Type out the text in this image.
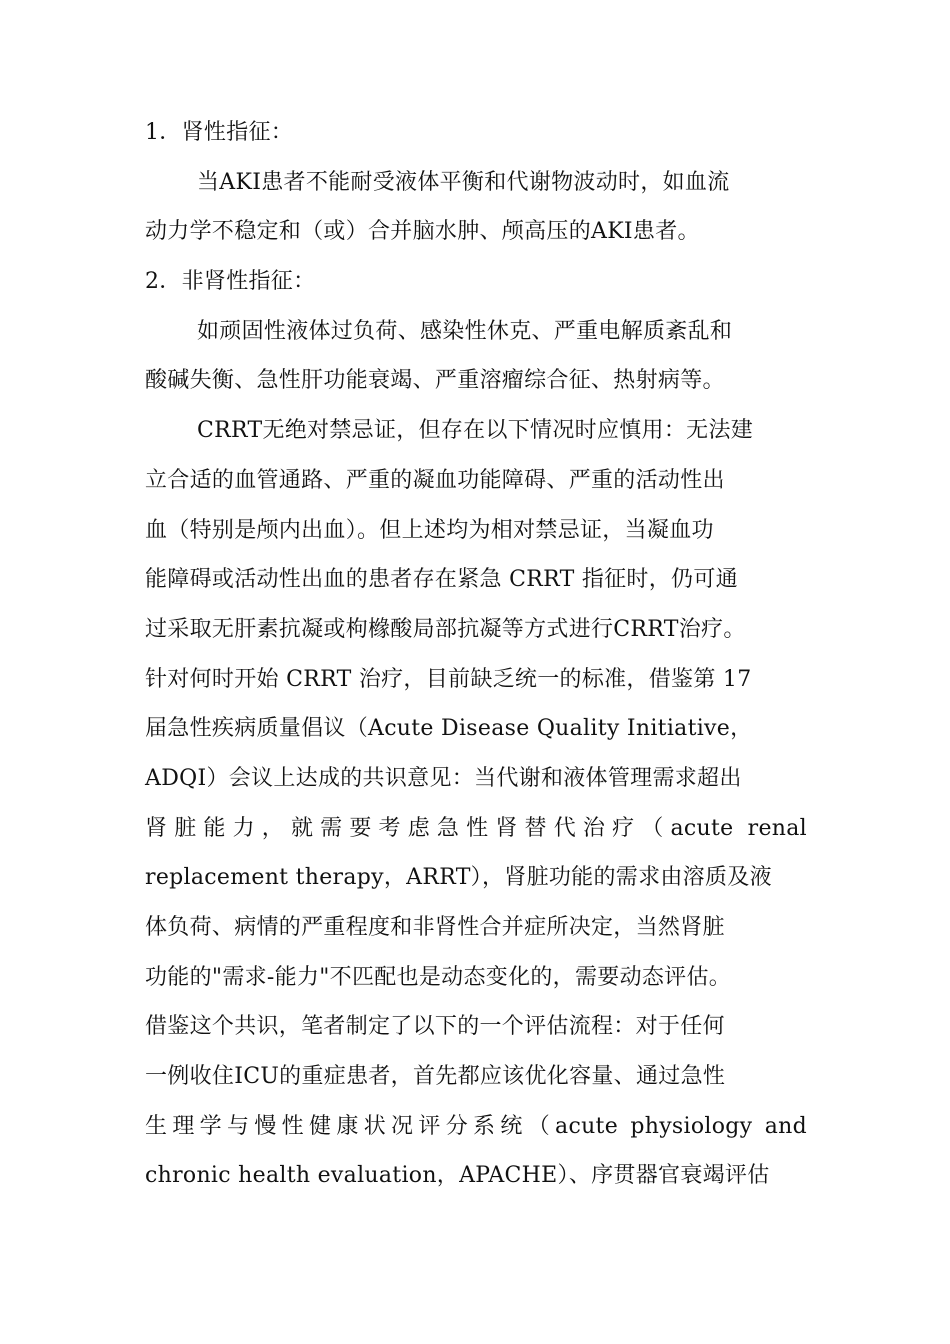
1．肾性指征：
当AKI患者不能耐受液体平衡和代谢物波动时，如血流
动力学不稳定和（或）合并脑水肿、颅高压的AKI患者。
2．非肾性指征：
如顽固性液体过负荷、感染性休克、严重电解质紊乱和
酸碱失衡、急性肝功能衰竭、严重溶瘤综合征、热射病等。
CRRT无绝对禁忌证，但存在以下情况时应慎用：无法建
立合适的血管通路、严重的凝血功能障碍、严重的活动性出
血（特别是颅内出血）。但上述均为相对禁忌证，当凝血功
能障碍或活动性出血的患者存在紧急 CRRT 指征时，仍可通
过采取无肝素抗凝或枸橼酸局部抗凝等方式进行CRRT治疗。
针对何时开始 CRRT 治疗，目前缺乏统一的标准，借鉴第 17
届急性疾病质量倡议（Acute Disease Quality Initiative，
ADQI）会议上达成的共识意见：当代谢和液体管理需求超出
肾脏能力，就需要考虑急性肾替代治疗（acute renal
replacement therapy，ARRT），肾脏功能的需求由溶质及液
体负荷、病情的严重程度和非肾性合并症所决定，当然肾脏
功能的"需求-能力"不匹配也是动态变化的，需要动态评估。
借鉴这个共识，笔者制定了以下的一个评估流程：对于任何
一例收住ICU的重症患者，首先都应该优化容量、通过急性
生理学与慢性健康状况评分系统（acute physiology and
chronic health evaluation，APACHE）、序贯器官衰竭评估
